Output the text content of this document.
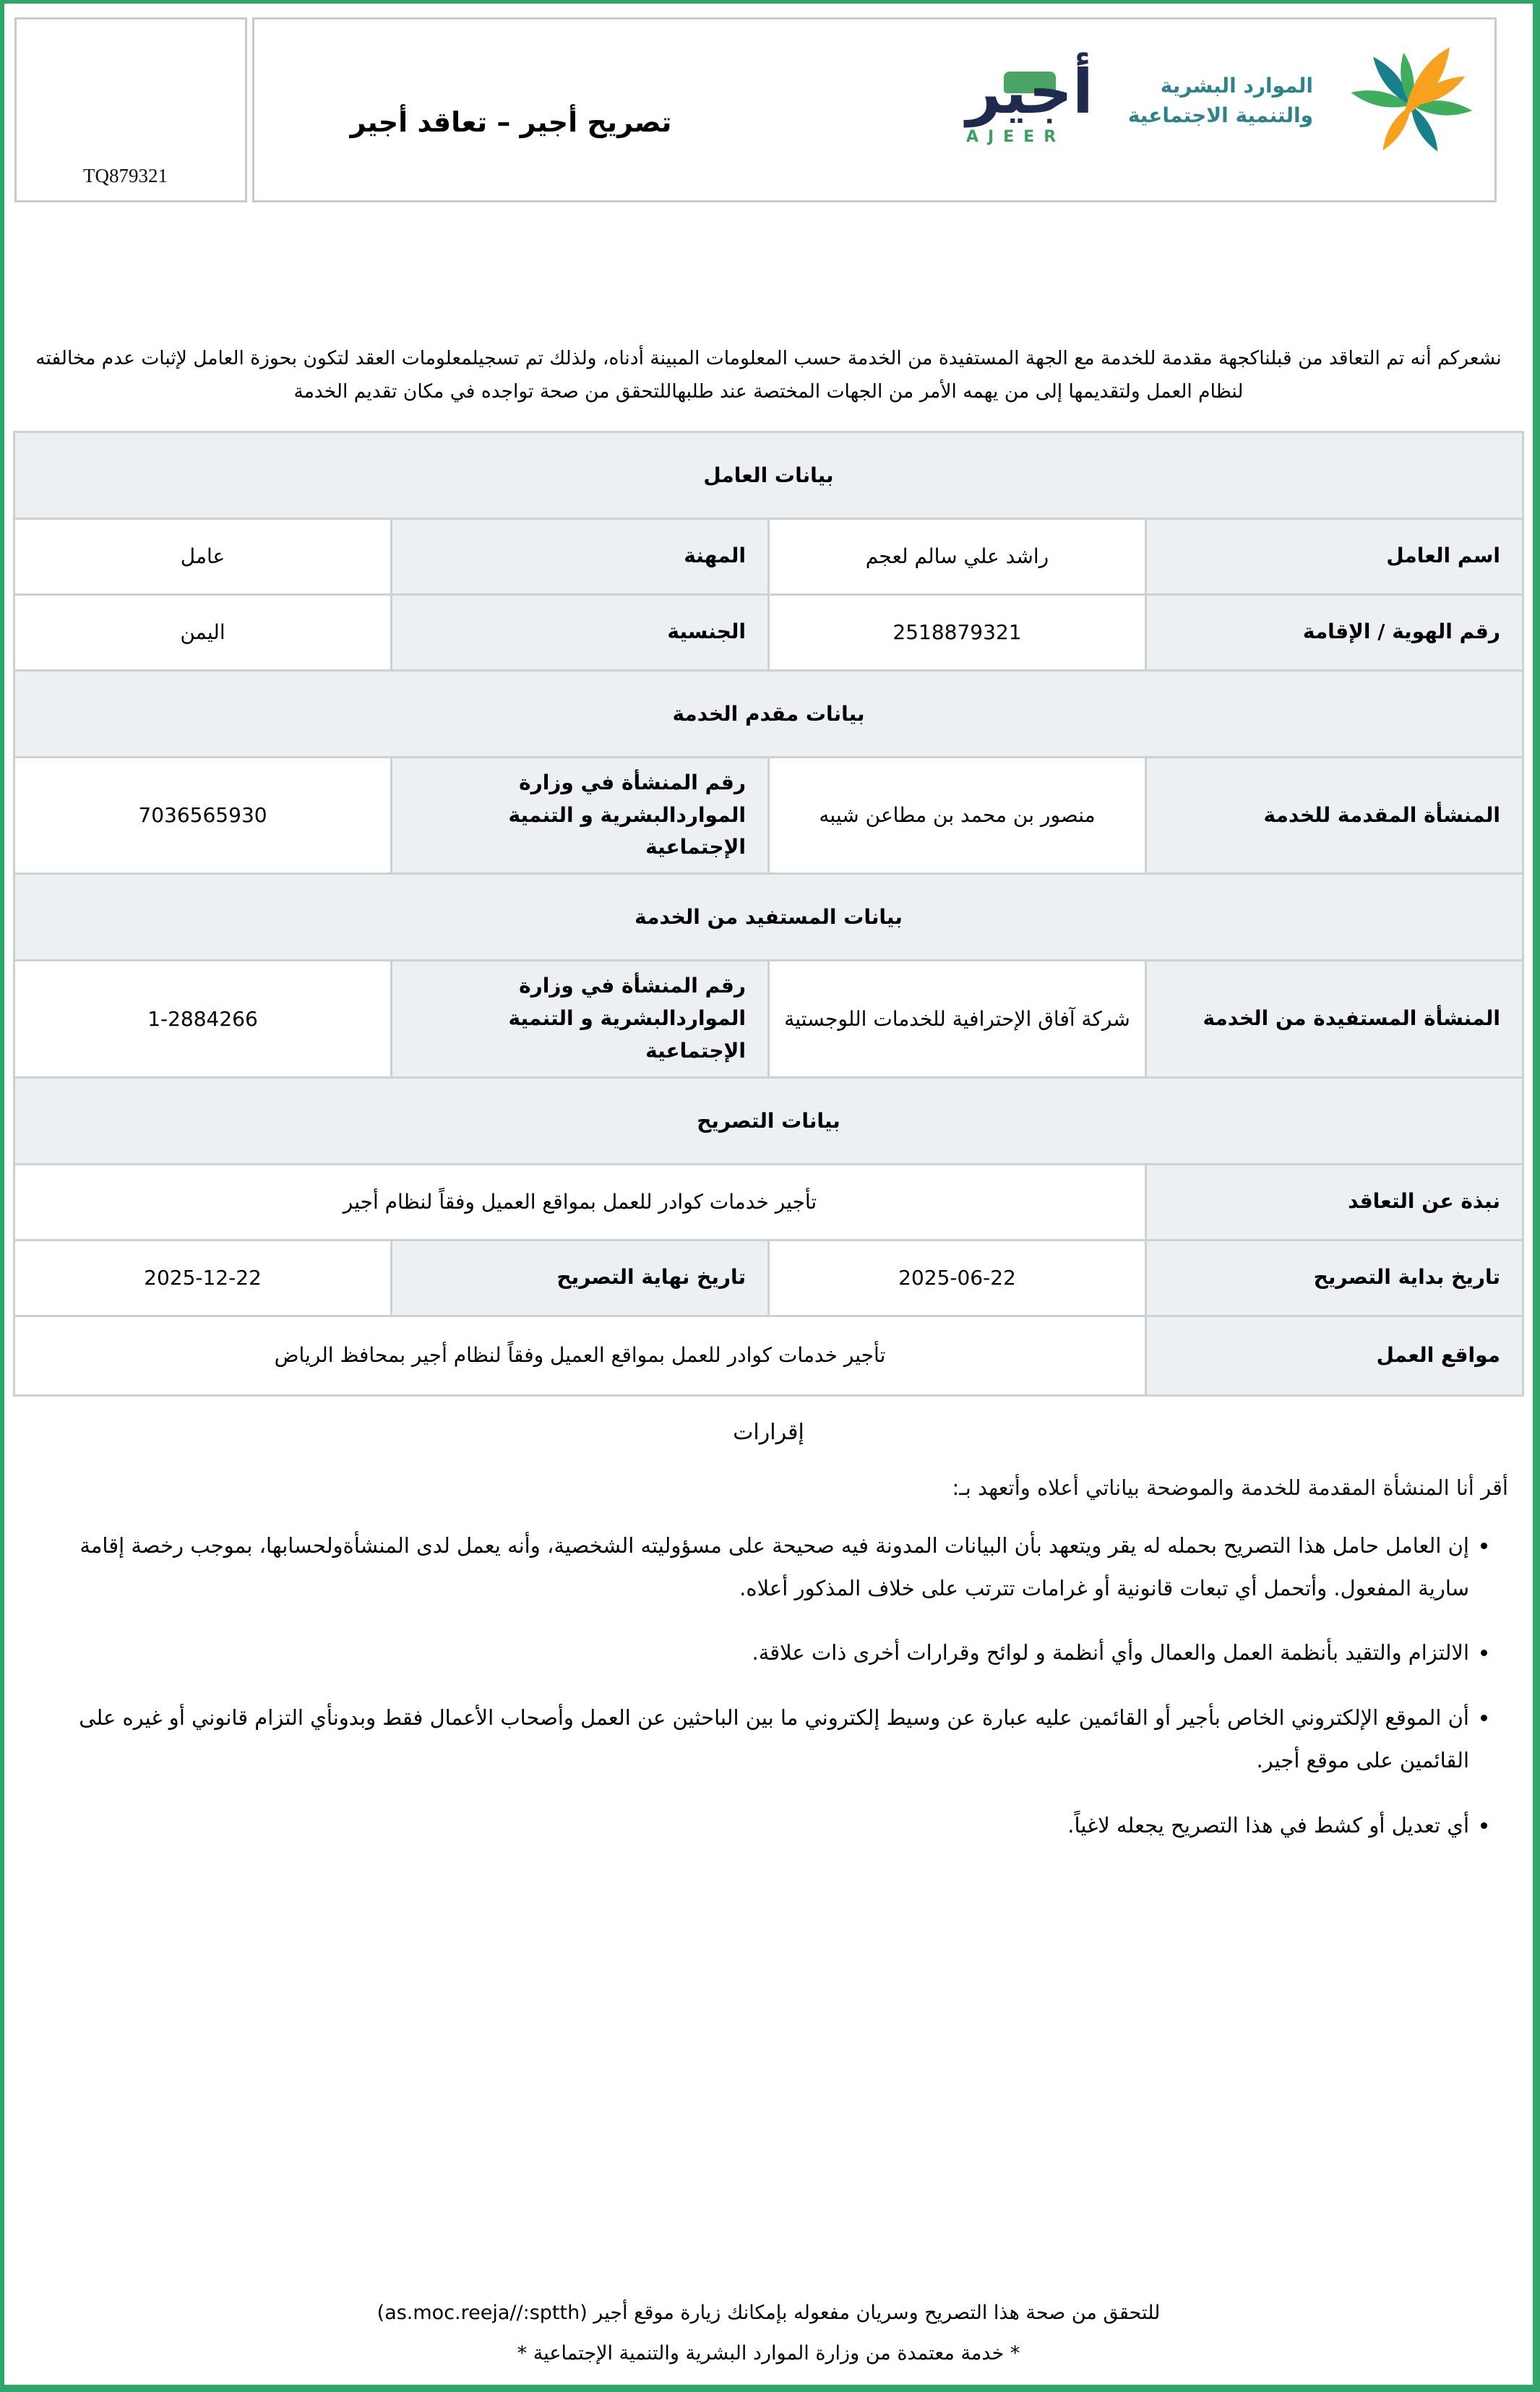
TQ879321
تصريح أجير – تعاقد أجير
الموارد البشرية
والتنمية الاجتماعية
أجير
AJEER

نشعركم أنه تم التعاقد من قبلناكجهة مقدمة للخدمة مع الجهة المستفيدة من الخدمة حسب المعلومات المبينة أدناه، ولذلك تم تسجيلمعلومات العقد لتكون بحوزة العامل لإثبات عدم مخالفته لنظام العمل ولتقديمها إلى من يهمه الأمر من الجهات المختصة عند طلبهاللتحقق من صحة تواجده في مكان تقديم الخدمة

بيانات العامل			
اسم العامل	راشد علي سالم لعجم	المهنة	عامل
رقم الهوية / الإقامة	2518879321	الجنسية	اليمن
بيانات مقدم الخدمة			
المنشأة المقدمة للخدمة	منصور بن محمد بن مطاعن شيبه	رقم المنشأة في وزارة المواردالبشرية و التنمية الإجتماعية	7036565930
بيانات المستفيد من الخدمة			
المنشأة المستفيدة من الخدمة	شركة آفاق الإحترافية للخدمات اللوجستية	رقم المنشأة في وزارة المواردالبشرية و التنمية الإجتماعية	1-2884266
بيانات التصريح			
نبذة عن التعاقد	تأجير خدمات كوادر للعمل بمواقع العميل وفقاً لنظام أجير		
تاريخ بداية التصريح	2025-06-22	تاريخ نهاية التصريح	2025-12-22
مواقع العمل	تأجير خدمات كوادر للعمل بمواقع العميل وفقاً لنظام أجير بمحافظ الرياض		
إقرارات
أقر أنا المنشأة المقدمة للخدمة والموضحة بياناتي أعلاه وأتعهد بـ:
• إن العامل حامل هذا التصريح بحمله له يقر ويتعهد بأن البيانات المدونة فيه صحيحة على مسؤوليته الشخصية، وأنه يعمل لدى المنشأةولحسابها، بموجب رخصة إقامة سارية المفعول. وأتحمل أي تبعات قانونية أو غرامات تترتب على خلاف المذكور أعلاه.
• الالتزام والتقيد بأنظمة العمل والعمال وأي أنظمة و لوائح وقرارات أخرى ذات علاقة.
• أن الموقع الإلكتروني الخاص بأجير أو القائمين عليه عبارة عن وسيط إلكتروني ما بين الباحثين عن العمل وأصحاب الأعمال فقط وبدونأي التزام قانوني أو غيره على القائمين على موقع أجير.
• أي تعديل أو كشط في هذا التصريح يجعله لاغياً.
للتحقق من صحة هذا التصريح وسريان مفعوله بإمكانك زيارة موقع أجير (as.moc.reeja//:sptth)
* خدمة معتمدة من وزارة الموارد البشرية والتنمية الإجتماعية *
